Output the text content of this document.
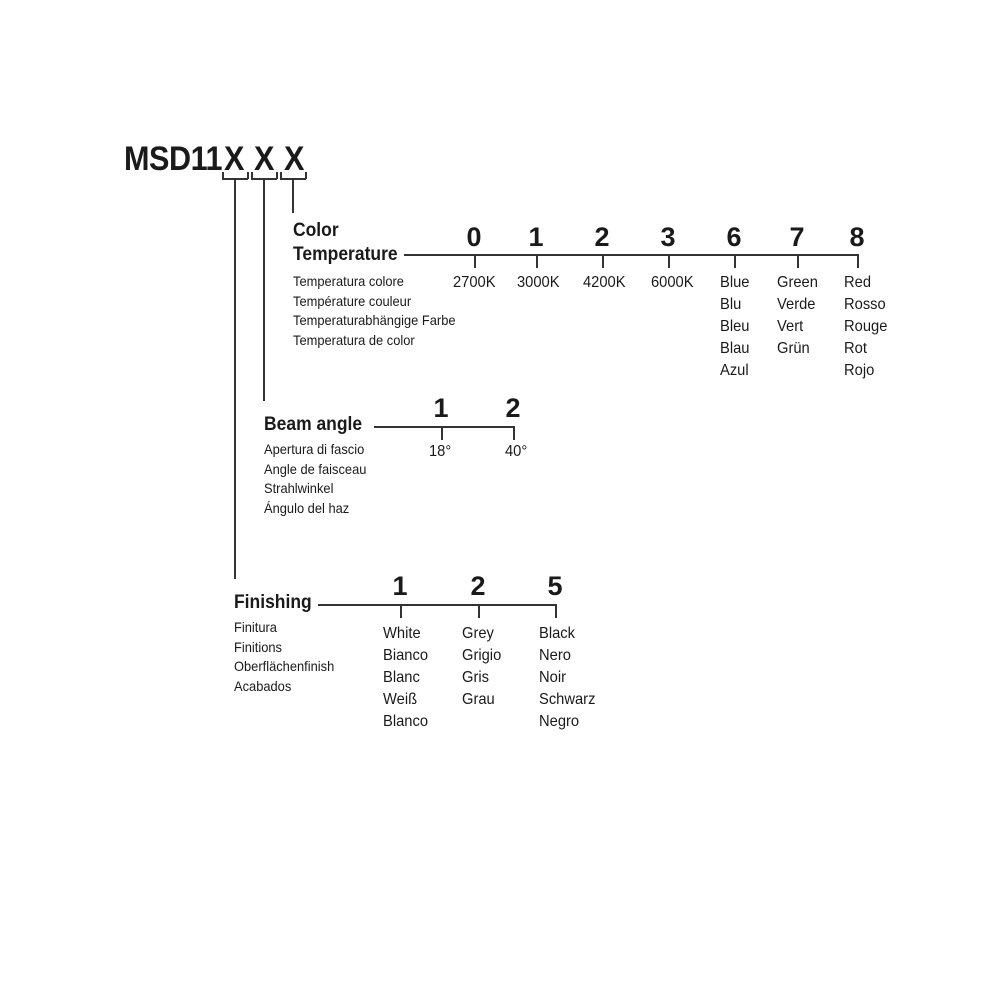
MSD11 X X X
Color
Temperature
Temperatura colore
Température couleur
Temperaturabhängige Farbe
Temperatura de color
0
2700K
1
3000K
2
4200K
3
6000K
6
Blue
Blu
Bleu
Blau
Azul
7
Green
Verde
Vert
Grün
8
Red
Rosso
Rouge
Rot
Rojo
Beam angle
Apertura di fascio
Angle de faisceau
Strahlwinkel
Ángulo del haz
1
18°
2
40°
Finishing
Finitura
Finitions
Oberflächenfinish
Acabados
1
White
Bianco
Blanc
Weiß
Blanco
2
Grey
Grigio
Gris
Grau
5
Black
Nero
Noir
Schwarz
Negro
